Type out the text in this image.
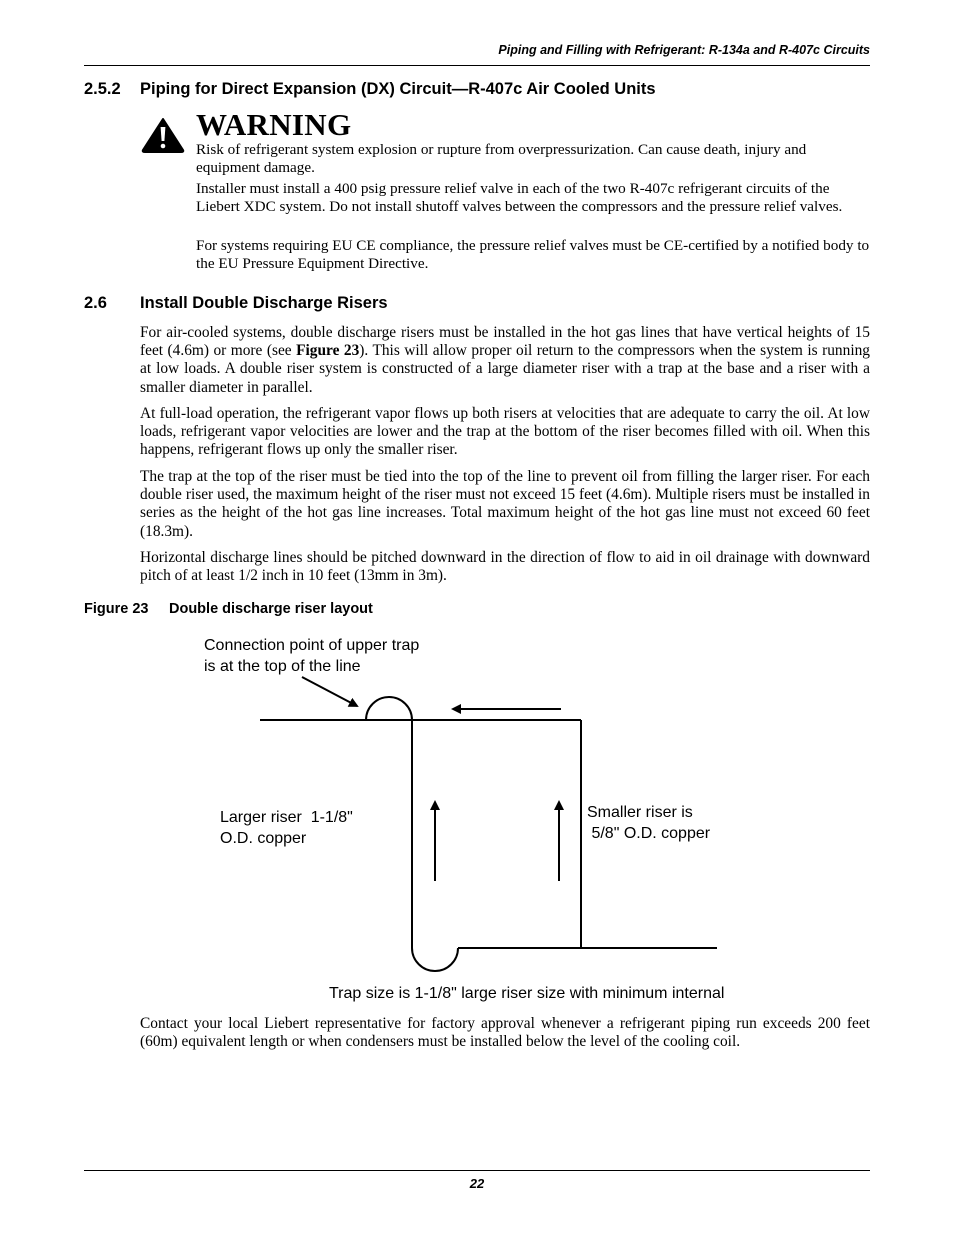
Piping and Filling with Refrigerant: R-134a and R-407c Circuits
2.5.2 Piping for Direct Expansion (DX) Circuit—R-407c Air Cooled Units
WARNING

Risk of refrigerant system explosion or rupture from overpressurization. Can cause death, injury and equipment damage.

Installer must install a 400 psig pressure relief valve in each of the two R-407c refrigerant circuits of the Liebert XDC system. Do not install shutoff valves between the compressors and the pressure relief valves.

For systems requiring EU CE compliance, the pressure relief valves must be CE-certified by a notified body to the EU Pressure Equipment Directive.

2.6 Install Double Discharge Risers

For air-cooled systems, double discharge risers must be installed in the hot gas lines that have vertical heights of 15 feet (4.6m) or more (see Figure 23). This will allow proper oil return to the compressors when the system is running at low loads. A double riser system is constructed of a large diameter riser with a trap at the base and a riser with a smaller diameter in parallel.

At full-load operation, the refrigerant vapor flows up both risers at velocities that are adequate to carry the oil. At low loads, refrigerant vapor velocities are lower and the trap at the bottom of the riser becomes filled with oil. When this happens, refrigerant flows up only the smaller riser.

The trap at the top of the riser must be tied into the top of the line to prevent oil from filling the larger riser. For each double riser used, the maximum height of the riser must not exceed 15 feet (4.6m). Multiple risers must be installed in series as the height of the hot gas line increases. Total maximum height of the hot gas line must not exceed 60 feet (18.3m).

Horizontal discharge lines should be pitched downward in the direction of flow to aid in oil drainage with downward pitch of at least 1/2 inch in 10 feet (13mm in 3m).

Figure 23 Double discharge riser layout
Connection point of upper trap
is at the top of the line
Larger riser  1-1/8"
O.D. copper
Smaller riser is
5/8" O.D. copper
Trap size is 1-1/8" large riser size with minimum internal

Contact your local Liebert representative for factory approval whenever a refrigerant piping run exceeds 200 feet (60m) equivalent length or when condensers must be installed below the level of the cooling coil.

22
